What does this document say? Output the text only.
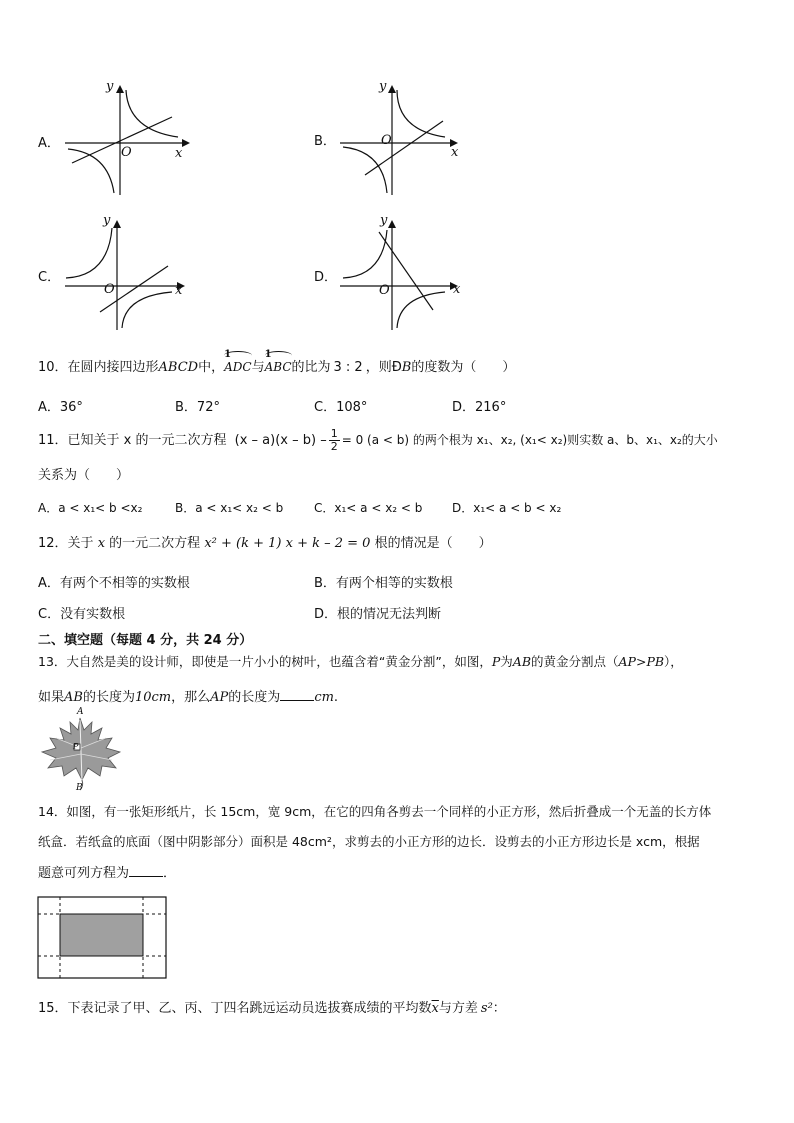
A．
y
x
O
B．
y
x
O
C．
y
x
O
D．
y
x
O
10．在圆内接四边形ABCD中，
1
ADC与
1
ABC的比为 3 : 2 ，则ÐB的度数为（　　）
A．36°	B．72°	C．108°	D．216°
11．已知关于 x 的一元二次方程 $(x - a)(x - b) - \frac{1}{2} = 0$ (a < b) 的两个根为 x₁、x₂, (x₁< x₂)则实数 a、b、x₁、x₂的大小
关系为（　　）
A．a < x₁< b <x₂	B．a < x₁< x₂ < b	C．x₁< a < x₂ < b D．x₁< a < b < x₂
12．关于 x 的一元二次方程 x² + (k + 1) x + k – 2 = 0 根的情况是（　　）
A．有两个不相等的实数根	B．有两个相等的实数根
C．没有实数根	D．根的情况无法判断
二、填空题（每题 4 分，共 24 分）
13．大自然是美的设计师，即使是一片小小的树叶，也蕴含着“黄金分割”，如图，P为AB的黄金分割点（AP>PB），
如果AB的长度为10cm，那么AP的长度为	cm.
A
P
B
14．如图，有一张矩形纸片，长 15cm，宽 9cm，在它的四角各剪去一个同样的小正方形，然后折叠成一个无盖的长方体
纸盒．若纸盒的底面（图中阴影部分）面积是 48cm²，求剪去的小正方形的边长．设剪去的小正方形边长是 xcm，根据
题意可列方程为	．
15．下表记录了甲、乙、丙、丁四名跳远运动员选拔赛成绩的平均数$\overline{x}$与方差 s²：
